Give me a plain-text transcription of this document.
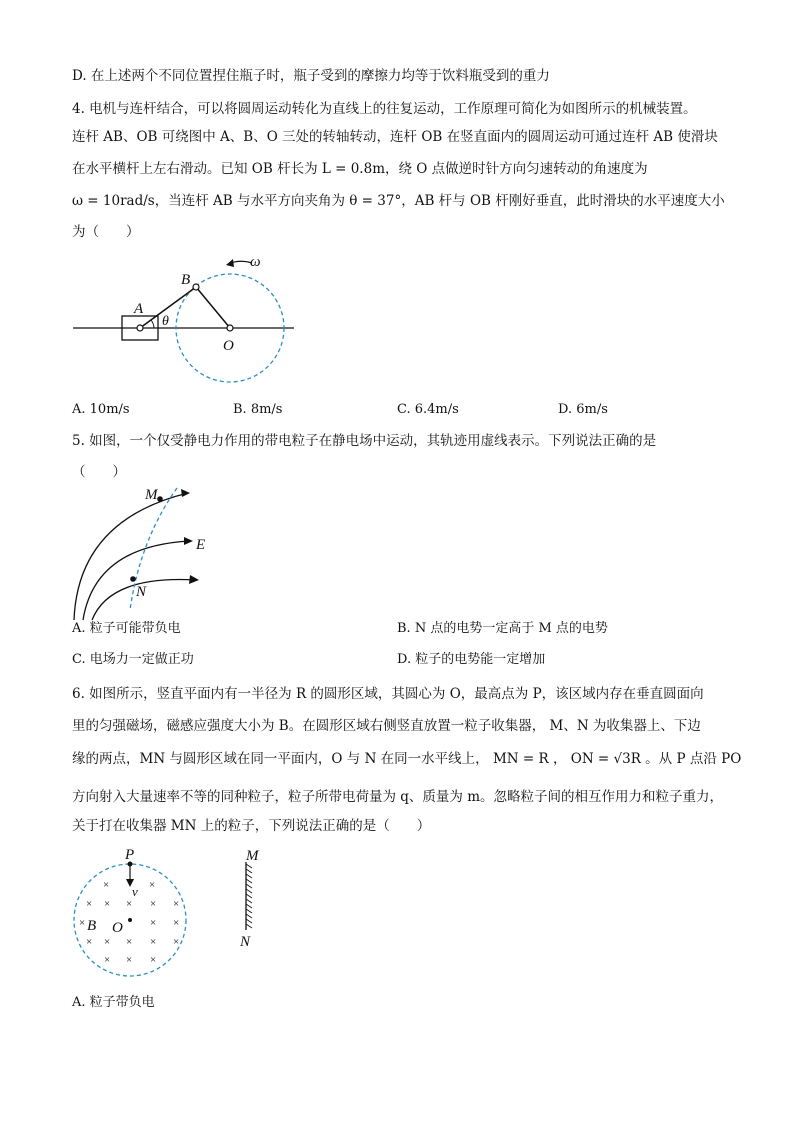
D. 在上述两个不同位置捏住瓶子时，瓶子受到的摩擦力均等于饮料瓶受到的重力
4. 电机与连杆结合，可以将圆周运动转化为直线上的往复运动，工作原理可简化为如图所示的机械装置。
连杆 AB、OB 可绕图中 A、B、O 三处的转轴转动，连杆 OB 在竖直面内的圆周运动可通过连杆 AB 使滑块
在水平横杆上左右滑动。已知 OB 杆长为 L = 0.8m，绕 O 点做逆时针方向匀速转动的角速度为
ω = 10rad/s，当连杆 AB 与水平方向夹角为 θ = 37°，AB 杆与 OB 杆刚好垂直，此时滑块的水平速度大小
为（　　）
A
B
O
θ
ω
M
E
N
×	×
× × × × ×
×	× ×
× × × × ×
× × ×
P
v
B O
M
N
A. 10m/s	B. 8m/s	C. 6.4m/s	D. 6m/s
5. 如图，一个仅受静电力作用的带电粒子在静电场中运动，其轨迹用虚线表示。下列说法正确的是
（　　）
A. 粒子可能带负电	B. N 点的电势一定高于 M 点的电势
C. 电场力一定做正功	D. 粒子的电势能一定增加
6. 如图所示，竖直平面内有一半径为 R 的圆形区域，其圆心为 O，最高点为 P，该区域内存在垂直圆面向
里的匀强磁场，磁感应强度大小为 B。在圆形区域右侧竖直放置一粒子收集器， M、N 为收集器上、下边
缘的两点，MN 与圆形区域在同一平面内，O 与 N 在同一水平线上， MN = R ， ON = √3R 。从 P 点沿 PO
方向射入大量速率不等的同种粒子，粒子所带电荷量为 q、质量为 m。忽略粒子间的相互作用力和粒子重力，
关于打在收集器 MN 上的粒子，下列说法正确的是（　　）
A. 粒子带负电
